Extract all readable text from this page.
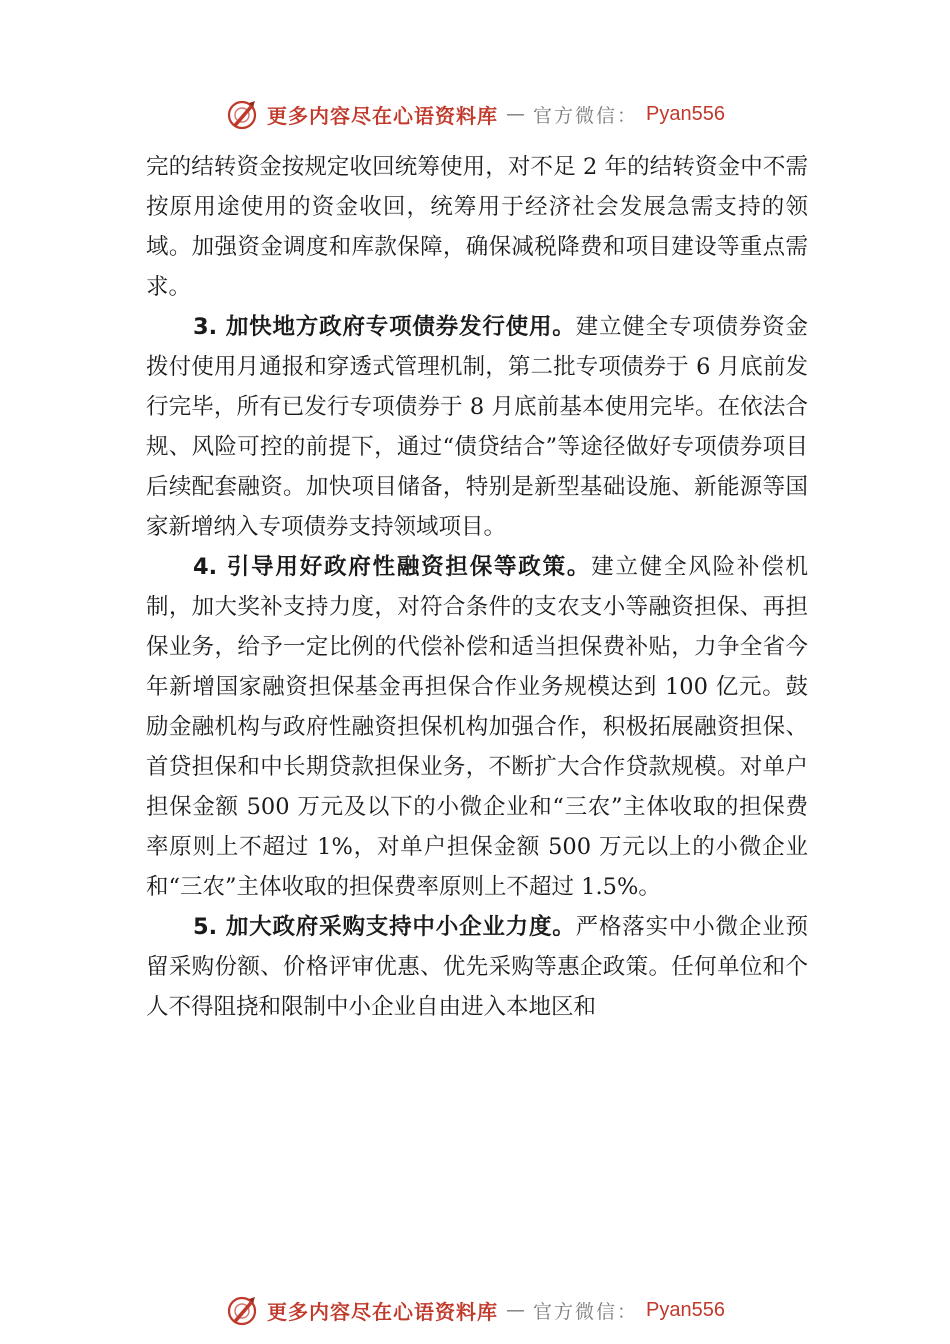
更多内容尽在心语资料库 — 官方微信： Pyan556

完的结转资金按规定收回统筹使用，对不足 2 年的结转资金中不需按原用途使用的资金收回，统筹用于经济社会发展急需支持的领域。加强资金调度和库款保障，确保减税降费和项目建设等重点需求。

3. 加快地方政府专项债券发行使用。建立健全专项债券资金拨付使用月通报和穿透式管理机制，第二批专项债券于 6 月底前发行完毕，所有已发行专项债券于 8 月底前基本使用完毕。在依法合规、风险可控的前提下，通过“债贷结合”等途径做好专项债券项目后续配套融资。加快项目储备，特别是新型基础设施、新能源等国家新增纳入专项债券支持领域项目。

4. 引导用好政府性融资担保等政策。建立健全风险补偿机制，加大奖补支持力度，对符合条件的支农支小等融资担保、再担保业务，给予一定比例的代偿补偿和适当担保费补贴，力争全省今年新增国家融资担保基金再担保合作业务规模达到 100 亿元。鼓励金融机构与政府性融资担保机构加强合作，积极拓展融资担保、首贷担保和中长期贷款担保业务，不断扩大合作贷款规模。对单户担保金额 500 万元及以下的小微企业和“三农”主体收取的担保费率原则上不超过 1%，对单户担保金额 500 万元以上的小微企业和“三农”主体收取的担保费率原则上不超过 1.5%。

5. 加大政府采购支持中小企业力度。严格落实中小微企业预留采购份额、价格评审优惠、优先采购等惠企政策。任何单位和个人不得阻挠和限制中小企业自由进入本地区和

更多内容尽在心语资料库 — 官方微信： Pyan556
